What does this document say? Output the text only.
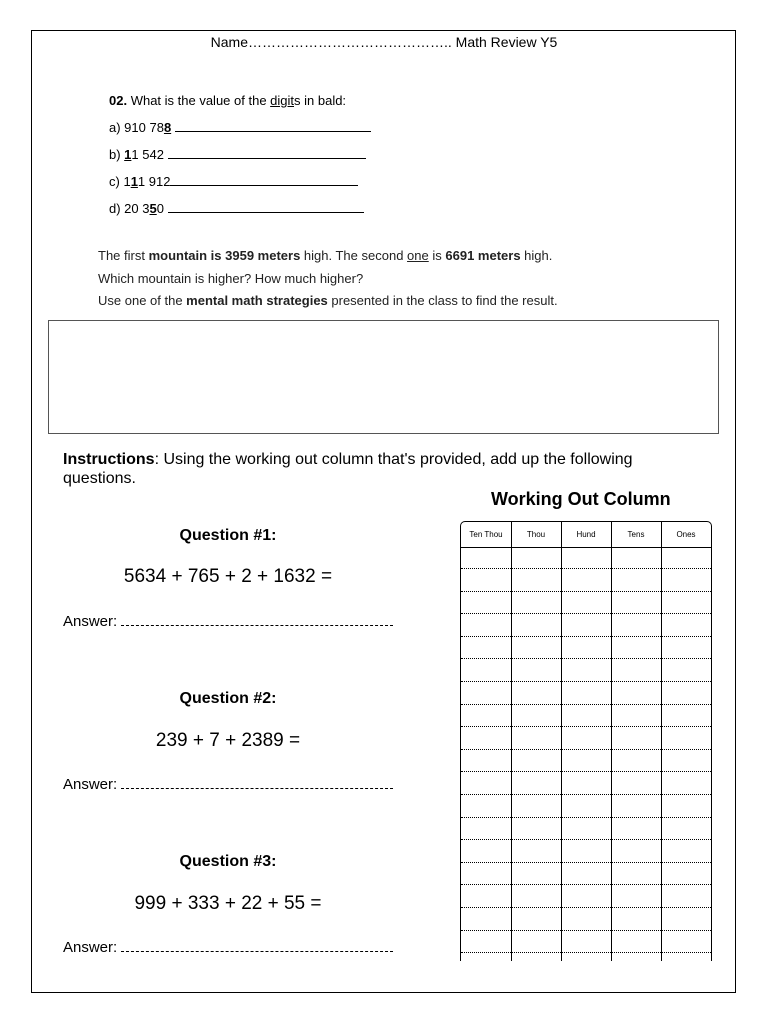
Name…………………………………….. Math Review Y5
02. What is the value of the digits in bald:
a) 910 788
b) 11 542
c) 111 912
d) 20 350
The first mountain is 3959 meters high. The second one is 6691 meters high.
Which mountain is higher? How much higher?
Use one of the mental math strategies presented in the class to find the result.
Instructions: Using the working out column that's provided, add up the following questions.
Working Out Column
Question #1:
5634 + 765 + 2 + 1632 =
Answer:
Question #2:
239 + 7 + 2389 =
Answer:
Question #3:
999 + 333 + 22 + 55 =
Answer:
Ten Thou	Thou	Hund	Tens	Ones
